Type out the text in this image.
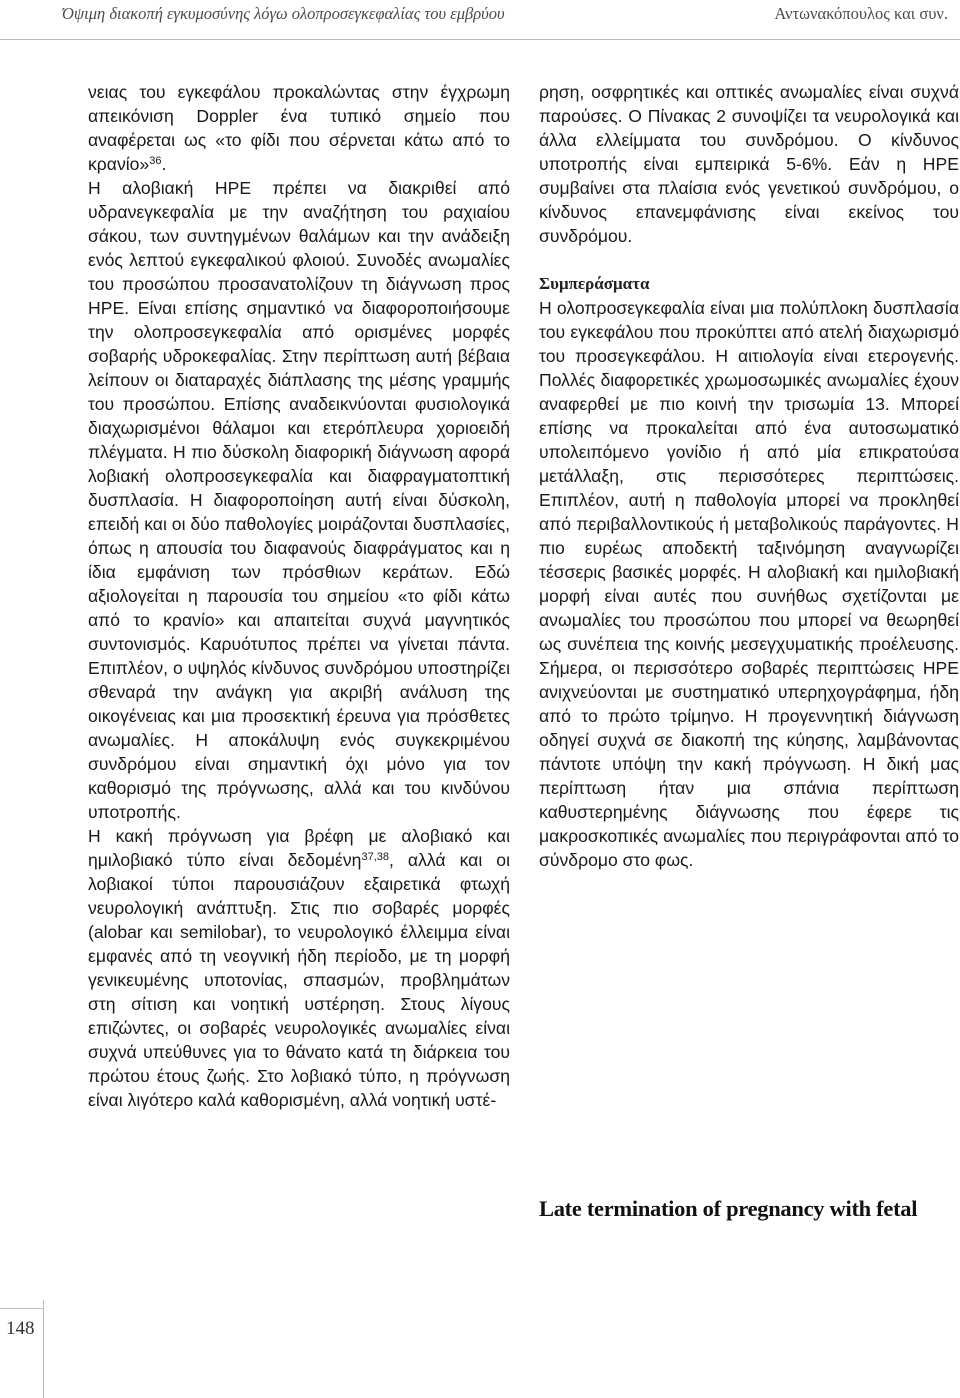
Όψιμη διακοπή εγκυμοσύνης λόγω ολοπροσεγκεφαλίας του εμβρύου	Αντωνακόπουλος και συν.

νειας του εγκεφάλου προκαλώντας στην έγχρωμη απεικόνιση Doppler ένα τυπικό σημείο που αναφέρεται ως «το φίδι που σέρνεται κάτω από το κρανίο»$^{36}$.

Η αλοβιακή ΗΡΕ πρέπει να διακριθεί από υδρανεγκεφαλία με την αναζήτηση του ραχιαίου σάκου, των συντηγμένων θαλάμων και την ανάδειξη ενός λεπτού εγκεφαλικού φλοιού. Συνοδές ανωμαλίες του προσώπου προσανατολίζουν τη διάγνωση προς ΗΡΕ. Είναι επίσης σημαντικό να διαφοροποιήσουμε την ολοπροσεγκεφαλία από ορισμένες μορφές σοβαρής υδροκεφαλίας. Στην περίπτωση αυτή βέβαια λείπουν οι διαταραχές διάπλασης της μέσης γραμμής του προσώπου. Επίσης αναδεικνύονται φυσιολογικά διαχωρισμένοι θάλαμοι και ετερόπλευρα χοριοειδή πλέγματα. Η πιο δύσκολη διαφορική διάγνωση αφορά λοβιακή ολοπροσεγκεφαλία και διαφραγματοπτική δυσπλασία. Η διαφοροποίηση αυτή είναι δύσκολη, επειδή και οι δύο παθολογίες μοιράζονται δυσπλασίες, όπως η απουσία του διαφανούς διαφράγματος και η ίδια εμφάνιση των πρόσθιων κεράτων. Εδώ αξιολογείται η παρουσία του σημείου «το φίδι κάτω από το κρανίο» και απαιτείται συχνά μαγνητικός συντονισμός. Καρυότυπος πρέπει να γίνεται πάντα. Επιπλέον, ο υψηλός κίνδυνος συνδρόμου υποστηρίζει σθεναρά την ανάγκη για ακριβή ανάλυση της οικογένειας και μια προσεκτική έρευνα για πρόσθετες ανωμαλίες. Η αποκάλυψη ενός συγκεκριμένου συνδρόμου είναι σημαντική όχι μόνο για τον καθορισμό της πρόγνωσης, αλλά και του κινδύνου υποτροπής.

Η κακή πρόγνωση για βρέφη με αλοβιακό και ημιλοβιακό τύπο είναι δεδομένη$^{37,38}$, αλλά και οι λοβιακοί τύποι παρουσιάζουν εξαιρετικά φτωχή νευρολογική ανάπτυξη. Στις πιο σοβαρές μορφές (alobar και semilobar), το νευρολογικό έλλειμμα είναι εμφανές από τη νεογνική ήδη περίοδο, με τη μορφή γενικευμένης υποτονίας, σπασμών, προβλημάτων στη σίτιση και νοητική υστέρηση. Στους λίγους επιζώντες, οι σοβαρές νευρολογικές ανωμαλίες είναι συχνά υπεύθυνες για το θάνατο κατά τη διάρκεια του πρώτου έτους ζωής. Στο λοβιακό τύπο, η πρόγνωση είναι λιγότερο καλά καθορισμένη, αλλά νοητική υστέ-

ρηση, οσφρητικές και οπτικές ανωμαλίες είναι συχνά παρούσες. Ο Πίνακας 2 συνοψίζει τα νευρολογικά και άλλα ελλείμματα του συνδρόμου. Ο κίνδυνος υποτροπής είναι εμπειρικά 5-6%. Εάν η ΗΡΕ συμβαίνει στα πλαίσια ενός γενετικού συνδρόμου, ο κίνδυνος επανεμφάνισης είναι εκείνος του συνδρόμου.

Συμπεράσματα

Η ολοπροσεγκεφαλία είναι μια πολύπλοκη δυσπλασία του εγκεφάλου που προκύπτει από ατελή διαχωρισμό του προσεγκεφάλου. Η αιτιολογία είναι ετερογενής. Πολλές διαφορετικές χρωμοσωμικές ανωμαλίες έχουν αναφερθεί με πιο κοινή την τρισωμία 13. Μπορεί επίσης να προκαλείται από ένα αυτοσωματικό υπολειπόμενο γονίδιο ή από μία επικρατούσα μετάλλαξη, στις περισσότερες περιπτώσεις. Επιπλέον, αυτή η παθολογία μπορεί να προκληθεί από περιβαλλοντικούς ή μεταβολικούς παράγοντες. Η πιο ευρέως αποδεκτή ταξινόμηση αναγνωρίζει τέσσερις βασικές μορφές. Η αλοβιακή και ημιλοβιακή μορφή είναι αυτές που συνήθως σχετίζονται με ανωμαλίες του προσώπου που μπορεί να θεωρηθεί ως συνέπεια της κοινής μεσεγχυματικής προέλευσης. Σήμερα, οι περισσότερο σοβαρές περιπτώσεις ΗΡΕ ανιχνεύονται με συστηματικό υπερηχογράφημα, ήδη από το πρώτο τρίμηνο. Η προγεννητική διάγνωση οδηγεί συχνά σε διακοπή της κύησης, λαμβάνοντας πάντοτε υπόψη την κακή πρόγνωση. Η δική μας περίπτωση ήταν μια σπάνια περίπτωση καθυστερημένης διάγνωσης που έφερε τις μακροσκοπικές ανωμαλίες που περιγράφονται από το σύνδρομο στο φως.

Late termination of pregnancy with fetal
148
